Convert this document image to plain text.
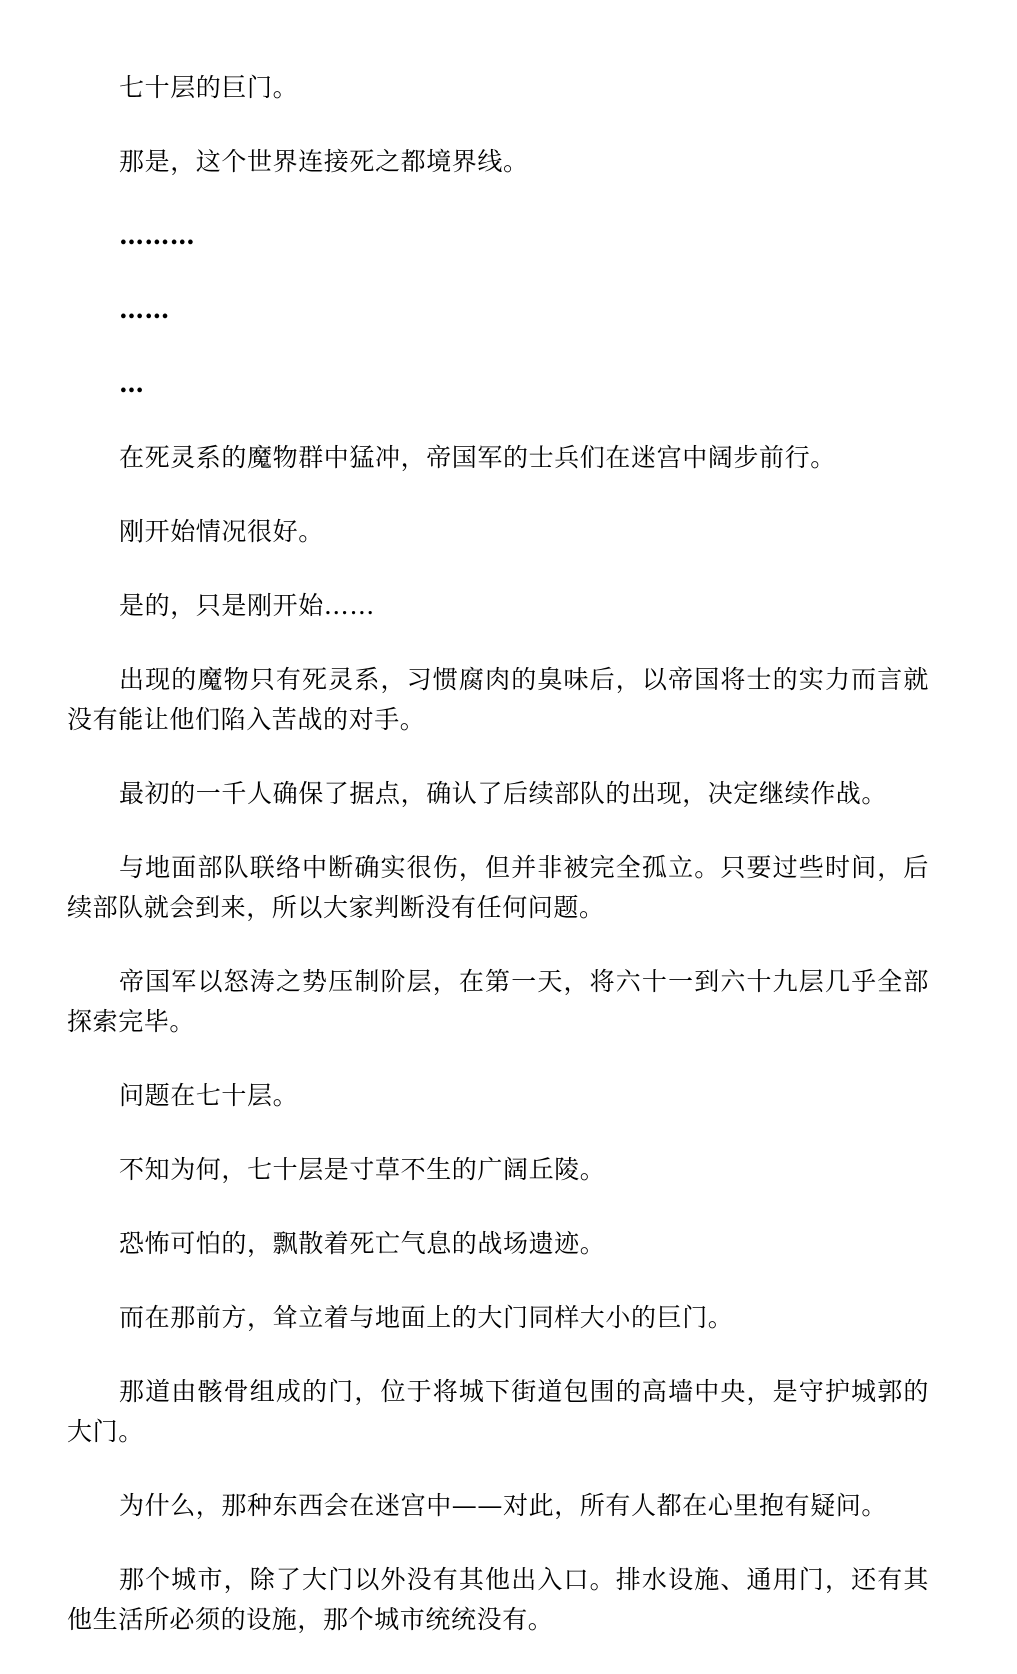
七十层的巨门。

那是，这个世界连接死之都境界线。

………

……

…

在死灵系的魔物群中猛冲，帝国军的士兵们在迷宫中阔步前行。

刚开始情况很好。

是的，只是刚开始……

出现的魔物只有死灵系，习惯腐肉的臭味后，以帝国将士的实力而言就没有能让他们陷入苦战的对手。

最初的一千人确保了据点，确认了后续部队的出现，决定继续作战。

与地面部队联络中断确实很伤，但并非被完全孤立。只要过些时间，后续部队就会到来，所以大家判断没有任何问题。

帝国军以怒涛之势压制阶层，在第一天，将六十一到六十九层几乎全部探索完毕。

问题在七十层。

不知为何，七十层是寸草不生的广阔丘陵。

恐怖可怕的，飘散着死亡气息的战场遗迹。

而在那前方，耸立着与地面上的大门同样大小的巨门。

那道由骸骨组成的门，位于将城下街道包围的高墙中央，是守护城郭的大门。

为什么，那种东西会在迷宫中——对此，所有人都在心里抱有疑问。

那个城市，除了大门以外没有其他出入口。排水设施、通用门，还有其他生活所必须的设施，那个城市统统没有。
